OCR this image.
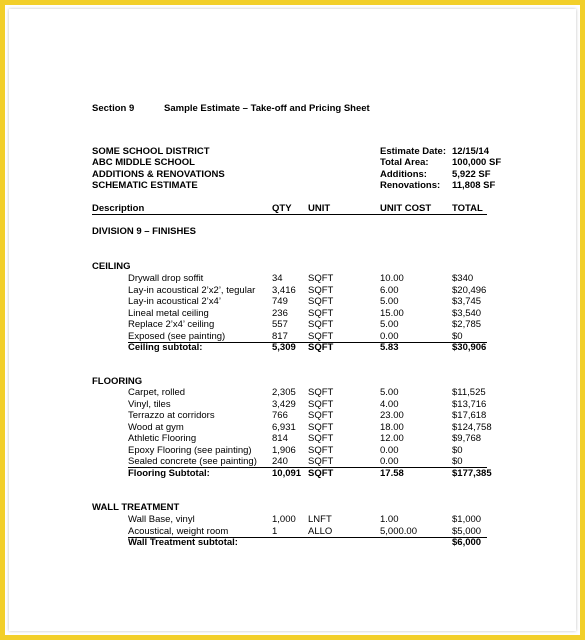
Section 9	Sample Estimate – Take-off and Pricing Sheet
SOME SCHOOL DISTRICT
ABC MIDDLE SCHOOL
ADDITIONS & RENOVATIONS
SCHEMATIC ESTIMATE
Estimate Date: 12/15/14
Total Area: 100,000 SF
Additions:	5,922 SF
Renovations: 11,808 SF
Description	QTY UNIT	UNIT COST TOTAL
DIVISION 9 – FINISHES
CEILING
Drywall drop soffit	34	SQFT	10.00	$340
Lay-in acoustical 2’x2’, tegular 3,416 SQFT	6.00	$20,496
Lay-in acoustical 2’x4’	749 SQFT	5.00	$3,745
Lineal metal ceiling	236 SQFT	15.00	$3,540
Replace 2’x4’ ceiling	557 SQFT	5.00	$2,785
Exposed (see painting)	817 SQFT	0.00	$0
Ceiling subtotal:	5,309 SQFT	5.83	$30,906
FLOORING
Carpet, rolled	2,305 SQFT	5.00	$11,525
Vinyl, tiles	3,429 SQFT	4.00	$13,716
Terrazzo at corridors	766 SQFT	23.00	$17,618
Wood at gym	6,931 SQFT	18.00	$124,758
Athletic Flooring	814 SQFT	12.00	$9,768
Epoxy Flooring (see painting) 1,906 SQFT	0.00	$0
Sealed concrete (see painting) 240 SQFT	0.00	$0
Flooring Subtotal:	10,091 SQFT	17.58	$177,385
WALL TREATMENT
Wall Base, vinyl	1,000 LNFT	1.00	$1,000
Acoustical, weight room	1	ALLO	5,000.00	$5,000
Wall Treatment subtotal:	$6,000
